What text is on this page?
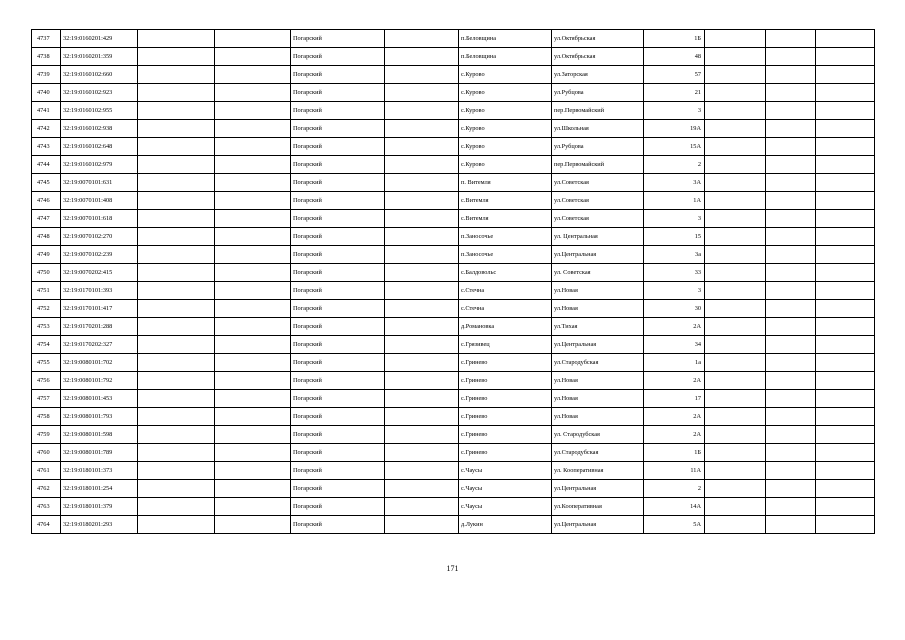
4737	32:19:0160201:429			Погарский		п.Беловщина	ул.Октябрьская	1Б			
4738	32:19:0160201:359			Погарский		п.Беловщина	ул.Октябрьская	48			
4739	32:19:0160102:660			Погарский		с.Курово	ул.Заторская	57			
4740	32:19:0160102:923			Погарский		с.Курово	ул.Рубцова	21			
4741	32:19:0160102:955			Погарский		с.Курово	пер.Первомайский	3			
4742	32:19:0160102:938			Погарский		с.Курово	ул.Школьная	19А			
4743	32:19:0160102:648			Погарский		с.Курово	ул.Рубцова	15А			
4744	32:19:0160102:979			Погарский		с.Курово	пер.Первомайский	2			
4745	32:19:0070101:631			Погарский		п. Витемля	ул.Советская	3А			
4746	32:19:0070101:408			Погарский		с.Витемля	ул.Советская	1А			
4747	32:19:0070101:618			Погарский		с.Витемля	ул.Советская	3			
4748	32:19:0070102:270			Погарский		п.Заносочье	ул. Центральная	15			
4749	32:19:0070102:239			Погарский		п.Заносочье	ул.Центральная	3а			
4750	32:19:0070202:415			Погарский		с.Балдовольс	ул. Советская	33			
4751	32:19:0170101:393			Погарский		с.Стечна	ул.Новая	3			
4752	32:19:0170101:417			Погарский		с.Стечна	ул.Новая	30			
4753	32:19:0170201:288			Погарский		д.Романовка	ул.Тихая	2А			
4754	32:19:0170202:327			Погарский		с.Грязивец	ул.Центральная	34			
4755	32:19:0080101:702			Погарский		с.Гринево	ул.Стародубская	1а			
4756	32:19:0080101:792			Погарский		с.Гринево	ул.Новая	2А			
4757	32:19:0080101:453			Погарский		с.Гринево	ул.Новая	17			
4758	32:19:0080101:793			Погарский		с.Гринево	ул.Новая	2А			
4759	32:19:0080101:598			Погарский		с.Гринево	ул. Стародубская	2А			
4760	32:19:0080101:789			Погарский		с.Гринево	ул.Стародубская	1Б			
4761	32:19:0180101:373			Погарский		с.Чаусы	ул. Кооперативная	11А			
4762	32:19:0180101:254			Погарский		с.Чаусы	ул.Центральная	2			
4763	32:19:0180101:379			Погарский		с.Чаусы	ул.Кооперативная	14А			
4764	32:19:0180201:293			Погарский		д.Лукин	ул.Центральная	5А			
171
